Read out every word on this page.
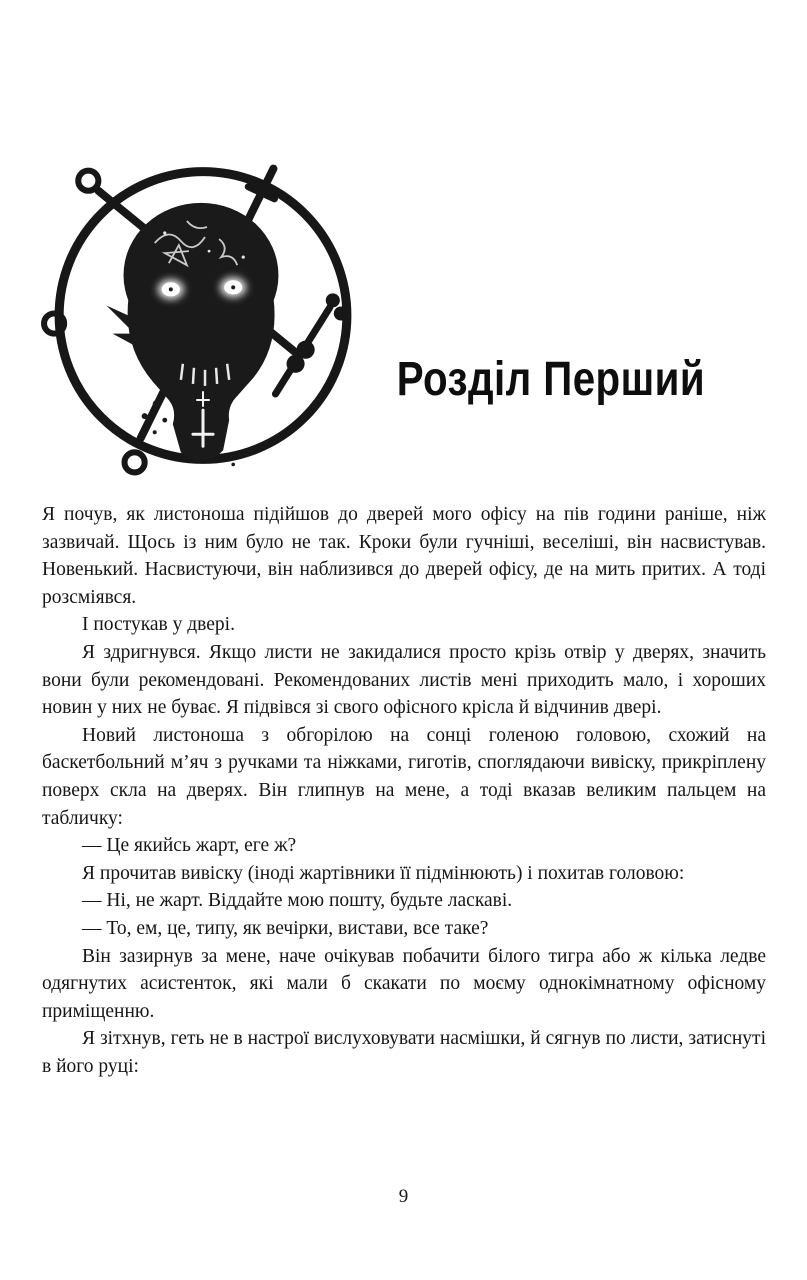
Розділ Перший

Я почув, як листоноша підійшов до дверей мого офісу на пів години раніше, ніж зазвичай. Щось із ним було не так. Кроки були гучніші, веселіші, він насвистував. Новенький. Насвистуючи, він наблизився до дверей офісу, де на мить притих. А тоді розсміявся.

І постукав у двері.

Я здригнувся. Якщо листи не закидалися просто крізь отвір у дверях, значить вони були рекомендовані. Рекомендованих листів мені приходить мало, і хороших новин у них не буває. Я підвівся зі свого офісного крісла й відчинив двері.

Новий листоноша з обгорілою на сонці голеною головою, схожий на баскетбольний м’яч з ручками та ніжками, гиготів, споглядаючи вивіску, прикріплену поверх скла на дверях. Він глипнув на мене, а тоді вказав великим пальцем на табличку:

— Це якийсь жарт, еге ж?

Я прочитав вивіску (іноді жартівники її підмінюють) і похитав головою:

— Ні, не жарт. Віддайте мою пошту, будьте ласкаві.

— То, ем, це, типу, як вечірки, вистави, все таке?

Він зазирнув за мене, наче очікував побачити білого тигра або ж кілька ледве одягнутих асистенток, які мали б скакати по моєму однокімнатному офісному приміщенню.

Я зітхнув, геть не в настрої вислуховувати насмішки, й сягнув по листи, затиснуті в його руці:

9
